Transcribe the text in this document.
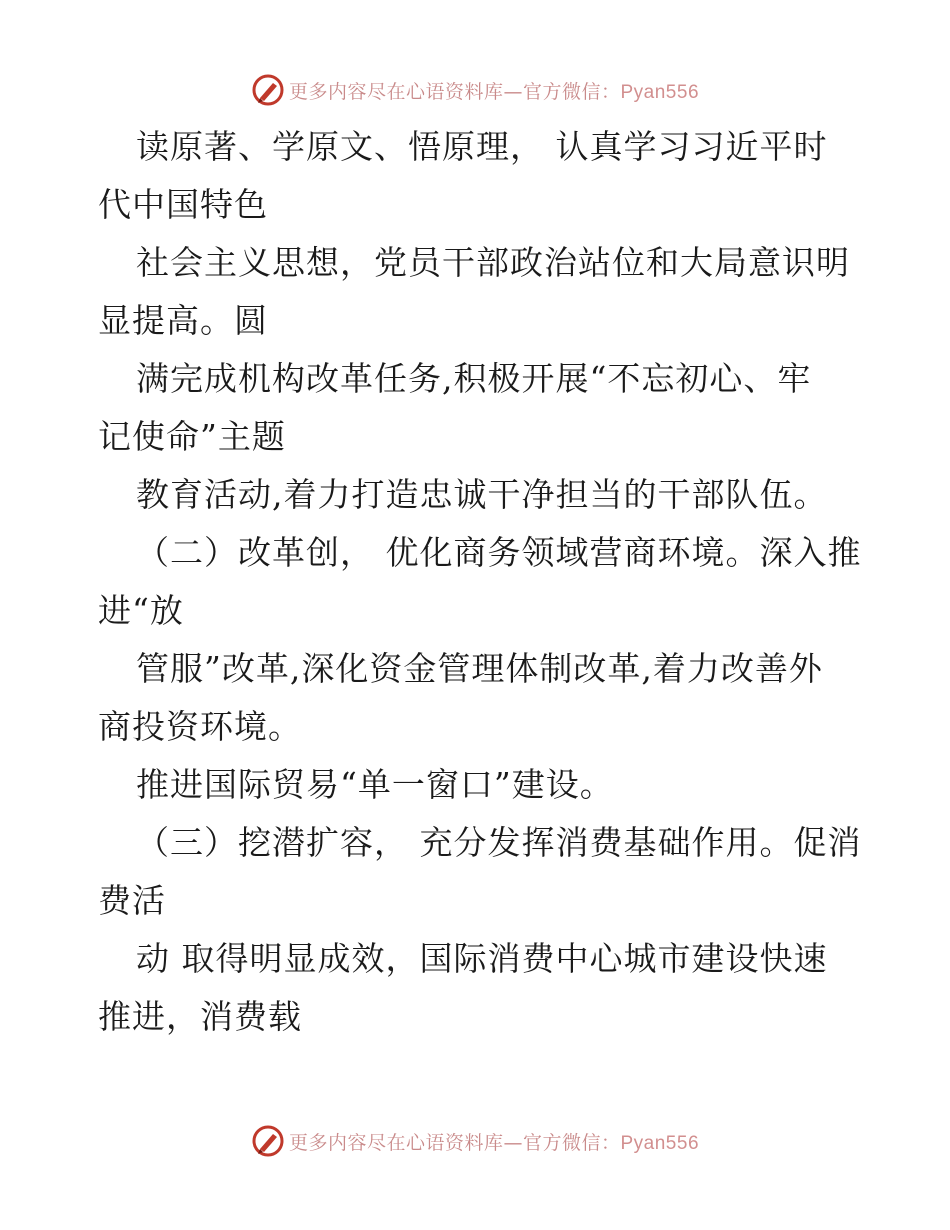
更多内容尽在心语资料库—官方微信：Pyan556
读原著、学原文、悟原理， 认真学习习近平时
代中国特色
社会主义思想，党员干部政治站位和大局意识明
显提高。圆
满完成机构改革任务,积极开展“不忘初心、牢
记使命”主题
教育活动,着力打造忠诚干净担当的干部队伍。
（二）改革创， 优化商务领域营商环境。深入推
进“放
管服”改革,深化资金管理体制改革,着力改善外
商投资环境。
推进国际贸易“单一窗口”建设。
（三）挖潜扩容， 充分发挥消费基础作用。促消
费活
动 取得明显成效，国际消费中心城市建设快速
推进，消费载
更多内容尽在心语资料库—官方微信：Pyan556
